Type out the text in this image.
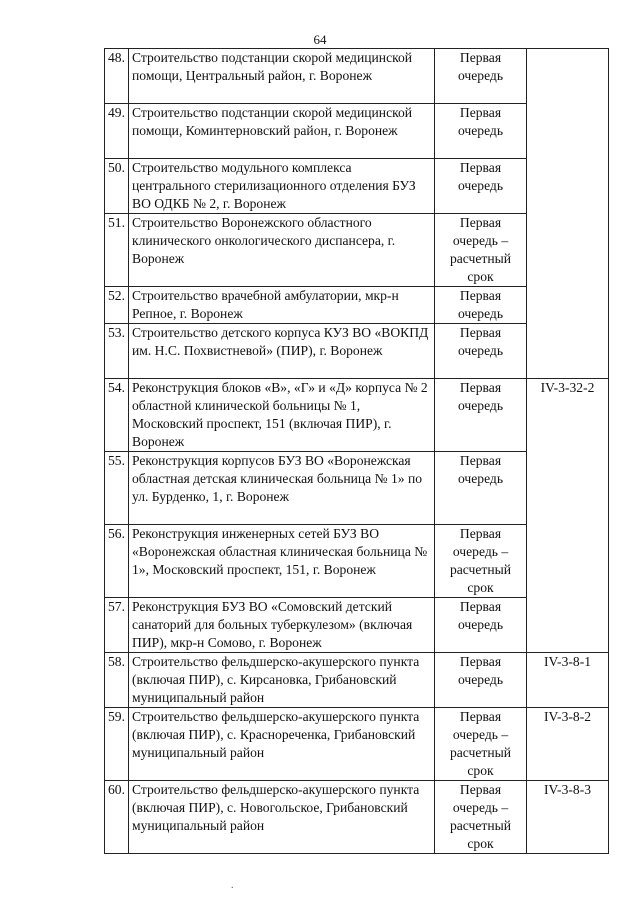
64
48.	Строительство подстанции скорой медицинской помощи, Центральный район, г. Воронеж	Первая очередь	
49.	Строительство подстанции скорой медицинской помощи, Коминтерновский район, г. Воронеж	Первая очередь	
50.	Строительство модульного комплекса центрального стерилизационного отделения БУЗ ВО ОДКБ № 2, г. Воронеж	Первая очередь	
51.	Строительство Воронежского областного клинического онкологического диспансера, г. Воронеж	Первая очередь – расчетный срок	
52.	Строительство врачебной амбулатории, мкр-н Репное, г. Воронеж	Первая очередь	
53.	Строительство детского корпуса КУЗ ВО «ВОКПД им. Н.С. Похвистневой» (ПИР), г. Воронеж	Первая очередь	
54.	Реконструкция блоков «В», «Г» и «Д» корпуса № 2 областной клинической больницы № 1, Московский проспект, 151 (включая ПИР), г. Воронеж	Первая очередь	IV-3-32-2
55.	Реконструкция корпусов БУЗ ВО «Воронежская областная детская клиническая больница № 1» по ул. Бурденко, 1, г. Воронеж	Первая очередь	
56.	Реконструкция инженерных сетей БУЗ ВО «Воронежская областная клиническая больница № 1», Московский проспект, 151, г. Воронеж	Первая очередь – расчетный срок	
57.	Реконструкция БУЗ ВО «Сомовский детский санаторий для больных туберкулезом» (включая ПИР), мкр-н Сомово, г. Воронеж	Первая очередь	
58.	Строительство фельдшерско-акушерского пункта (включая ПИР), с. Кирсановка, Грибановский муниципальный район	Первая очередь	IV-3-8-1
59.	Строительство фельдшерско-акушерского пункта (включая ПИР), с. Краснореченка, Грибановский муниципальный район	Первая очередь – расчетный срок	IV-3-8-2
60.	Строительство фельдшерско-акушерского пункта (включая ПИР), с. Новогольское, Грибановский муниципальный район	Первая очередь – расчетный срок	IV-3-8-3
.
